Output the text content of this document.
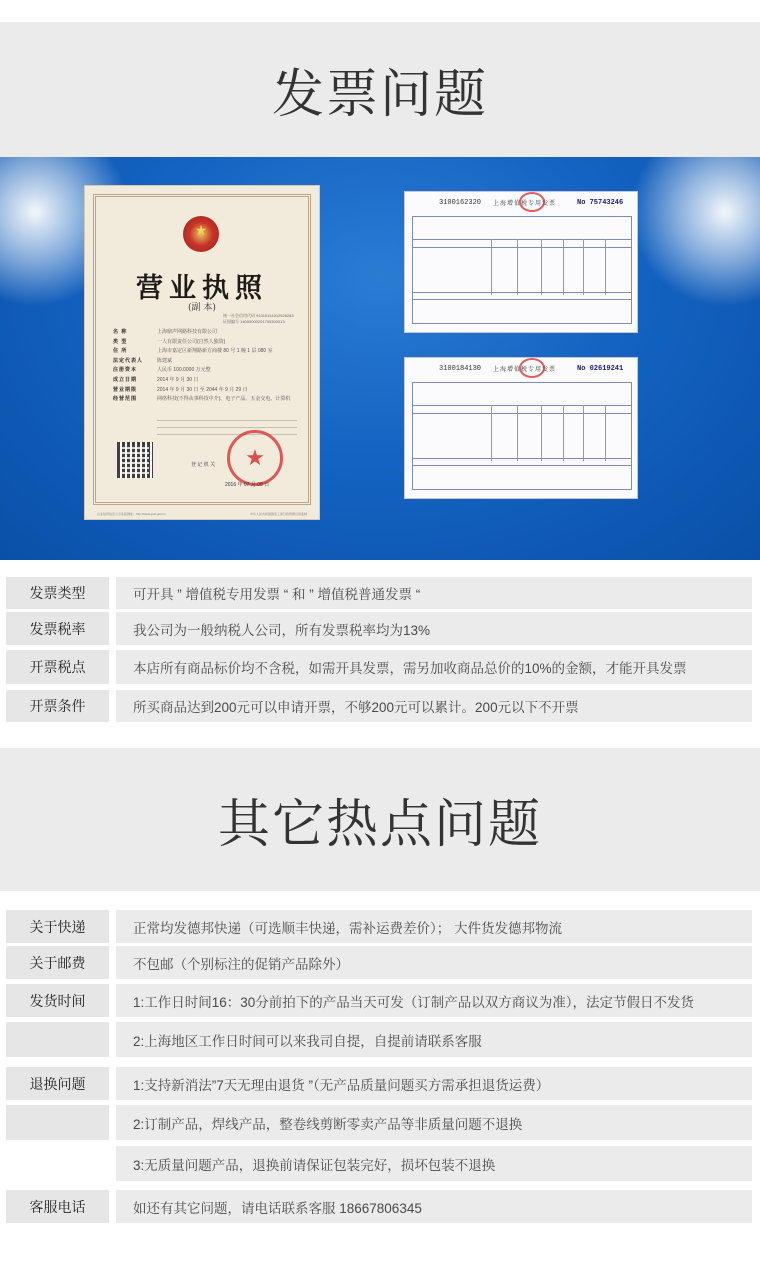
发票问题
★
营业执照
(副 本)
统一社会信用代码 91310114312528263
证照编号 14000000201705300013
名 称	上海鼎声网路科技有限公司
类 型	一人有限责任公司(自然人独资)
住 所	上海市嘉定区新翔路新方商楼 80 号 1 幢 1 层 080 室
法定代表人	陈建斌
注册资本	人民币 100.0000 万元整
成立日期	2014 年 9 月 30 日
营业期限	2014 年 9 月 30 日 至 2044 年 9 月 29 日
经营范围	网络科技(不得从事科技中介)、电子产品、五金交电、计算机
★
登 记 机 关
2016 年 07 月 08 日
企业信用信息公示系统网址：http://www.gsxt.gov.cn	中华人民共和国国家工商行政管理总局监制
3100162320 上海增值税专用发票	No 75743246
3100184130 上海增值税专用发票	No 02619241
发票类型	可开具 ” 增值税专用发票 “ 和 ” 增值税普通发票 “
发票税率	我公司为一般纳税人公司，所有发票税率均为13%
开票税点	本店所有商品标价均不含税，如需开具发票，需另加收商品总价的10%的金额，才能开具发票
开票条件	所买商品达到200元可以申请开票，不够200元可以累计。200元以下不开票
其它热点问题
关于快递	正常均发德邦快递（可选顺丰快递，需补运费差价）； 大件货发德邦物流
关于邮费	不包邮（个别标注的促销产品除外）
发货时间	1:工作日时间16：30分前拍下的产品当天可发（订制产品以双方商议为准），法定节假日不发货
2:上海地区工作日时间可以来我司自提，自提前请联系客服
退换问题	1:支持新消法”7天无理由退货 ”（无产品质量问题买方需承担退货运费）
2:订制产品，焊线产品，整卷线剪断零卖产品等非质量问题不退换
3:无质量问题产品，退换前请保证包装完好，损坏包装不退换
客服电话	如还有其它问题，请电话联系客服 18667806345
